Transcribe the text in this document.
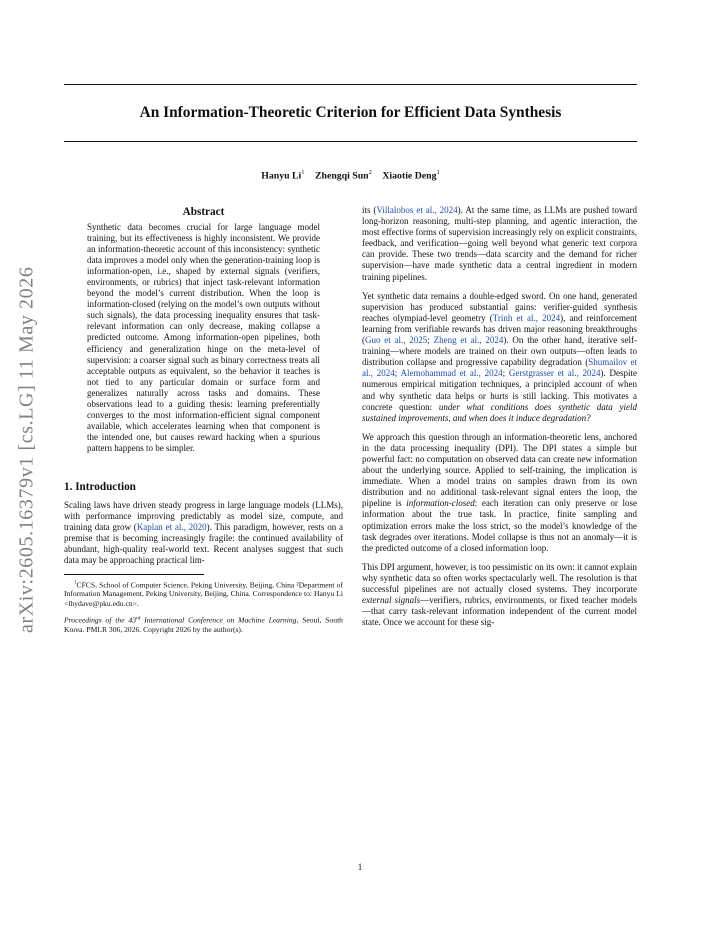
arXiv:2605.16379v1 [cs.LG] 11 May 2026
An Information-Theoretic Criterion for Efficient Data Synthesis
Hanyu Li$^1$ Zhengqi Sun$^2$ Xiaotie Deng$^1$
Abstract
Synthetic data becomes crucial for large language model training, but its effectiveness is highly inconsistent. We provide an information-theoretic account of this inconsistency: synthetic data improves a model only when the generation-training loop is information-open, i.e., shaped by external signals (verifiers, environments, or rubrics) that inject task-relevant information beyond the model’s current distribution. When the loop is information-closed (relying on the model’s own outputs without such signals), the data processing inequality ensures that task-relevant information can only decrease, making collapse a predicted outcome. Among information-open pipelines, both efficiency and generalization hinge on the meta-level of supervision: a coarser signal such as binary correctness treats all acceptable outputs as equivalent, so the behavior it teaches is not tied to any particular domain or surface form and generalizes naturally across tasks and domains. These observations lead to a guiding thesis: learning preferentially converges to the most information-efficient signal component available, which accelerates learning when that component is the intended one, but causes reward hacking when a spurious pattern happens to be simpler.
1. Introduction

Scaling laws have driven steady progress in large language models (LLMs), with performance improving predictably as model size, compute, and training data grow (Kaplan et al., 2020). This paradigm, however, rests on a premise that is becoming increasingly fragile: the continued availability of abundant, high-quality real-world text. Recent analyses suggest that such data may be approaching practical lim-

$^1$CFCS, School of Computer Science, Peking University, Beijing, China ²Department of Information Management, Peking University, Beijing, China. Correspondence to: Hanyu Li <lhydave@pku.edu.cn>.

Proceedings of the 43rd International Conference on Machine Learning, Seoul, South Korea. PMLR 306, 2026. Copyright 2026 by the author(s).

its (Villalobos et al., 2024). At the same time, as LLMs are pushed toward long-horizon reasoning, multi-step planning, and agentic interaction, the most effective forms of supervision increasingly rely on explicit constraints, feedback, and verification—going well beyond what generic text corpora can provide. These two trends—data scarcity and the demand for richer supervision—have made synthetic data a central ingredient in modern training pipelines.

Yet synthetic data remains a double-edged sword. On one hand, generated supervision has produced substantial gains: verifier-guided synthesis reaches olympiad-level geometry (Trinh et al., 2024), and reinforcement learning from verifiable rewards has driven major reasoning breakthroughs (Guo et al., 2025; Zheng et al., 2024). On the other hand, iterative self-training—where models are trained on their own outputs—often leads to distribution collapse and progressive capability degradation (Shumailov et al., 2024; Alemohammad et al., 2024; Gerstgrasser et al., 2024). Despite numerous empirical mitigation techniques, a principled account of when and why synthetic data helps or hurts is still lacking. This motivates a concrete question: under what conditions does synthetic data yield sustained improvements, and when does it induce degradation?

We approach this question through an information-theoretic lens, anchored in the data processing inequality (DPI). The DPI states a simple but powerful fact: no computation on observed data can create new information about the underlying source. Applied to self-training, the implication is immediate. When a model trains on samples drawn from its own distribution and no additional task-relevant signal enters the loop, the pipeline is information-closed: each iteration can only preserve or lose information about the true task. In practice, finite sampling and optimization errors make the loss strict, so the model’s knowledge of the task degrades over iterations. Model collapse is thus not an anomaly—it is the predicted outcome of a closed information loop.

This DPI argument, however, is too pessimistic on its own: it cannot explain why synthetic data so often works spectacularly well. The resolution is that successful pipelines are not actually closed systems. They incorporate external signals—verifiers, rubrics, environments, or fixed teacher models—that carry task-relevant information independent of the current model state. Once we account for these sig-

1
